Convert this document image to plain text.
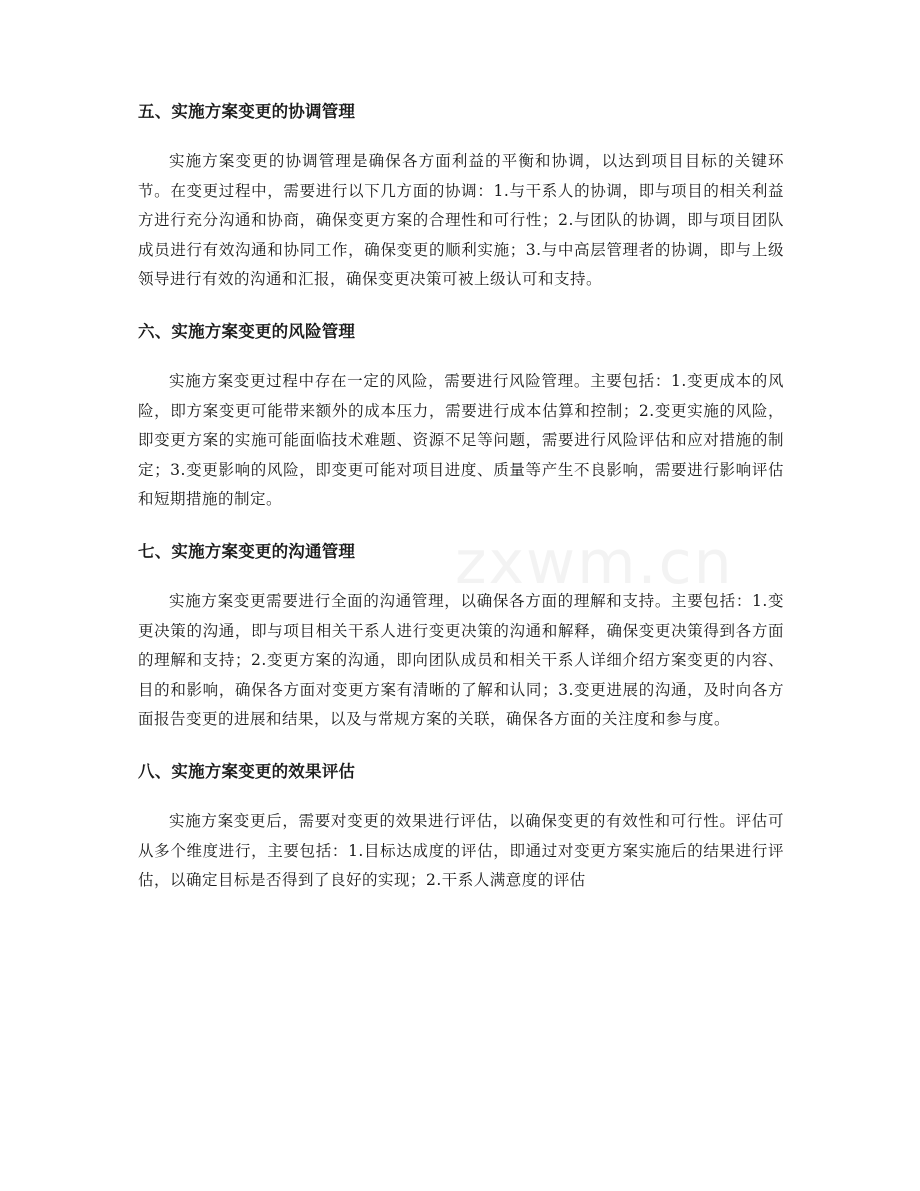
zxwm.cn
五、实施方案变更的协调管理

实施方案变更的协调管理是确保各方面利益的平衡和协调，以达到项目目标的关键环节。在变更过程中，需要进行以下几方面的协调：1.与干系人的协调，即与项目的相关利益方进行充分沟通和协商，确保变更方案的合理性和可行性；2.与团队的协调，即与项目团队成员进行有效沟通和协同工作，确保变更的顺利实施；3.与中高层管理者的协调，即与上级领导进行有效的沟通和汇报，确保变更决策可被上级认可和支持。

六、实施方案变更的风险管理

实施方案变更过程中存在一定的风险，需要进行风险管理。主要包括：1.变更成本的风险，即方案变更可能带来额外的成本压力，需要进行成本估算和控制；2.变更实施的风险，即变更方案的实施可能面临技术难题、资源不足等问题，需要进行风险评估和应对措施的制定；3.变更影响的风险，即变更可能对项目进度、质量等产生不良影响，需要进行影响评估和短期措施的制定。

七、实施方案变更的沟通管理

实施方案变更需要进行全面的沟通管理，以确保各方面的理解和支持。主要包括：1.变更决策的沟通，即与项目相关干系人进行变更决策的沟通和解释，确保变更决策得到各方面的理解和支持；2.变更方案的沟通，即向团队成员和相关干系人详细介绍方案变更的内容、目的和影响，确保各方面对变更方案有清晰的了解和认同；3.变更进展的沟通，及时向各方面报告变更的进展和结果，以及与常规方案的关联，确保各方面的关注度和参与度。

八、实施方案变更的效果评估

实施方案变更后，需要对变更的效果进行评估，以确保变更的有效性和可行性。评估可从多个维度进行，主要包括：1.目标达成度的评估，即通过对变更方案实施后的结果进行评估，以确定目标是否得到了良好的实现；2.干系人满意度的评估
